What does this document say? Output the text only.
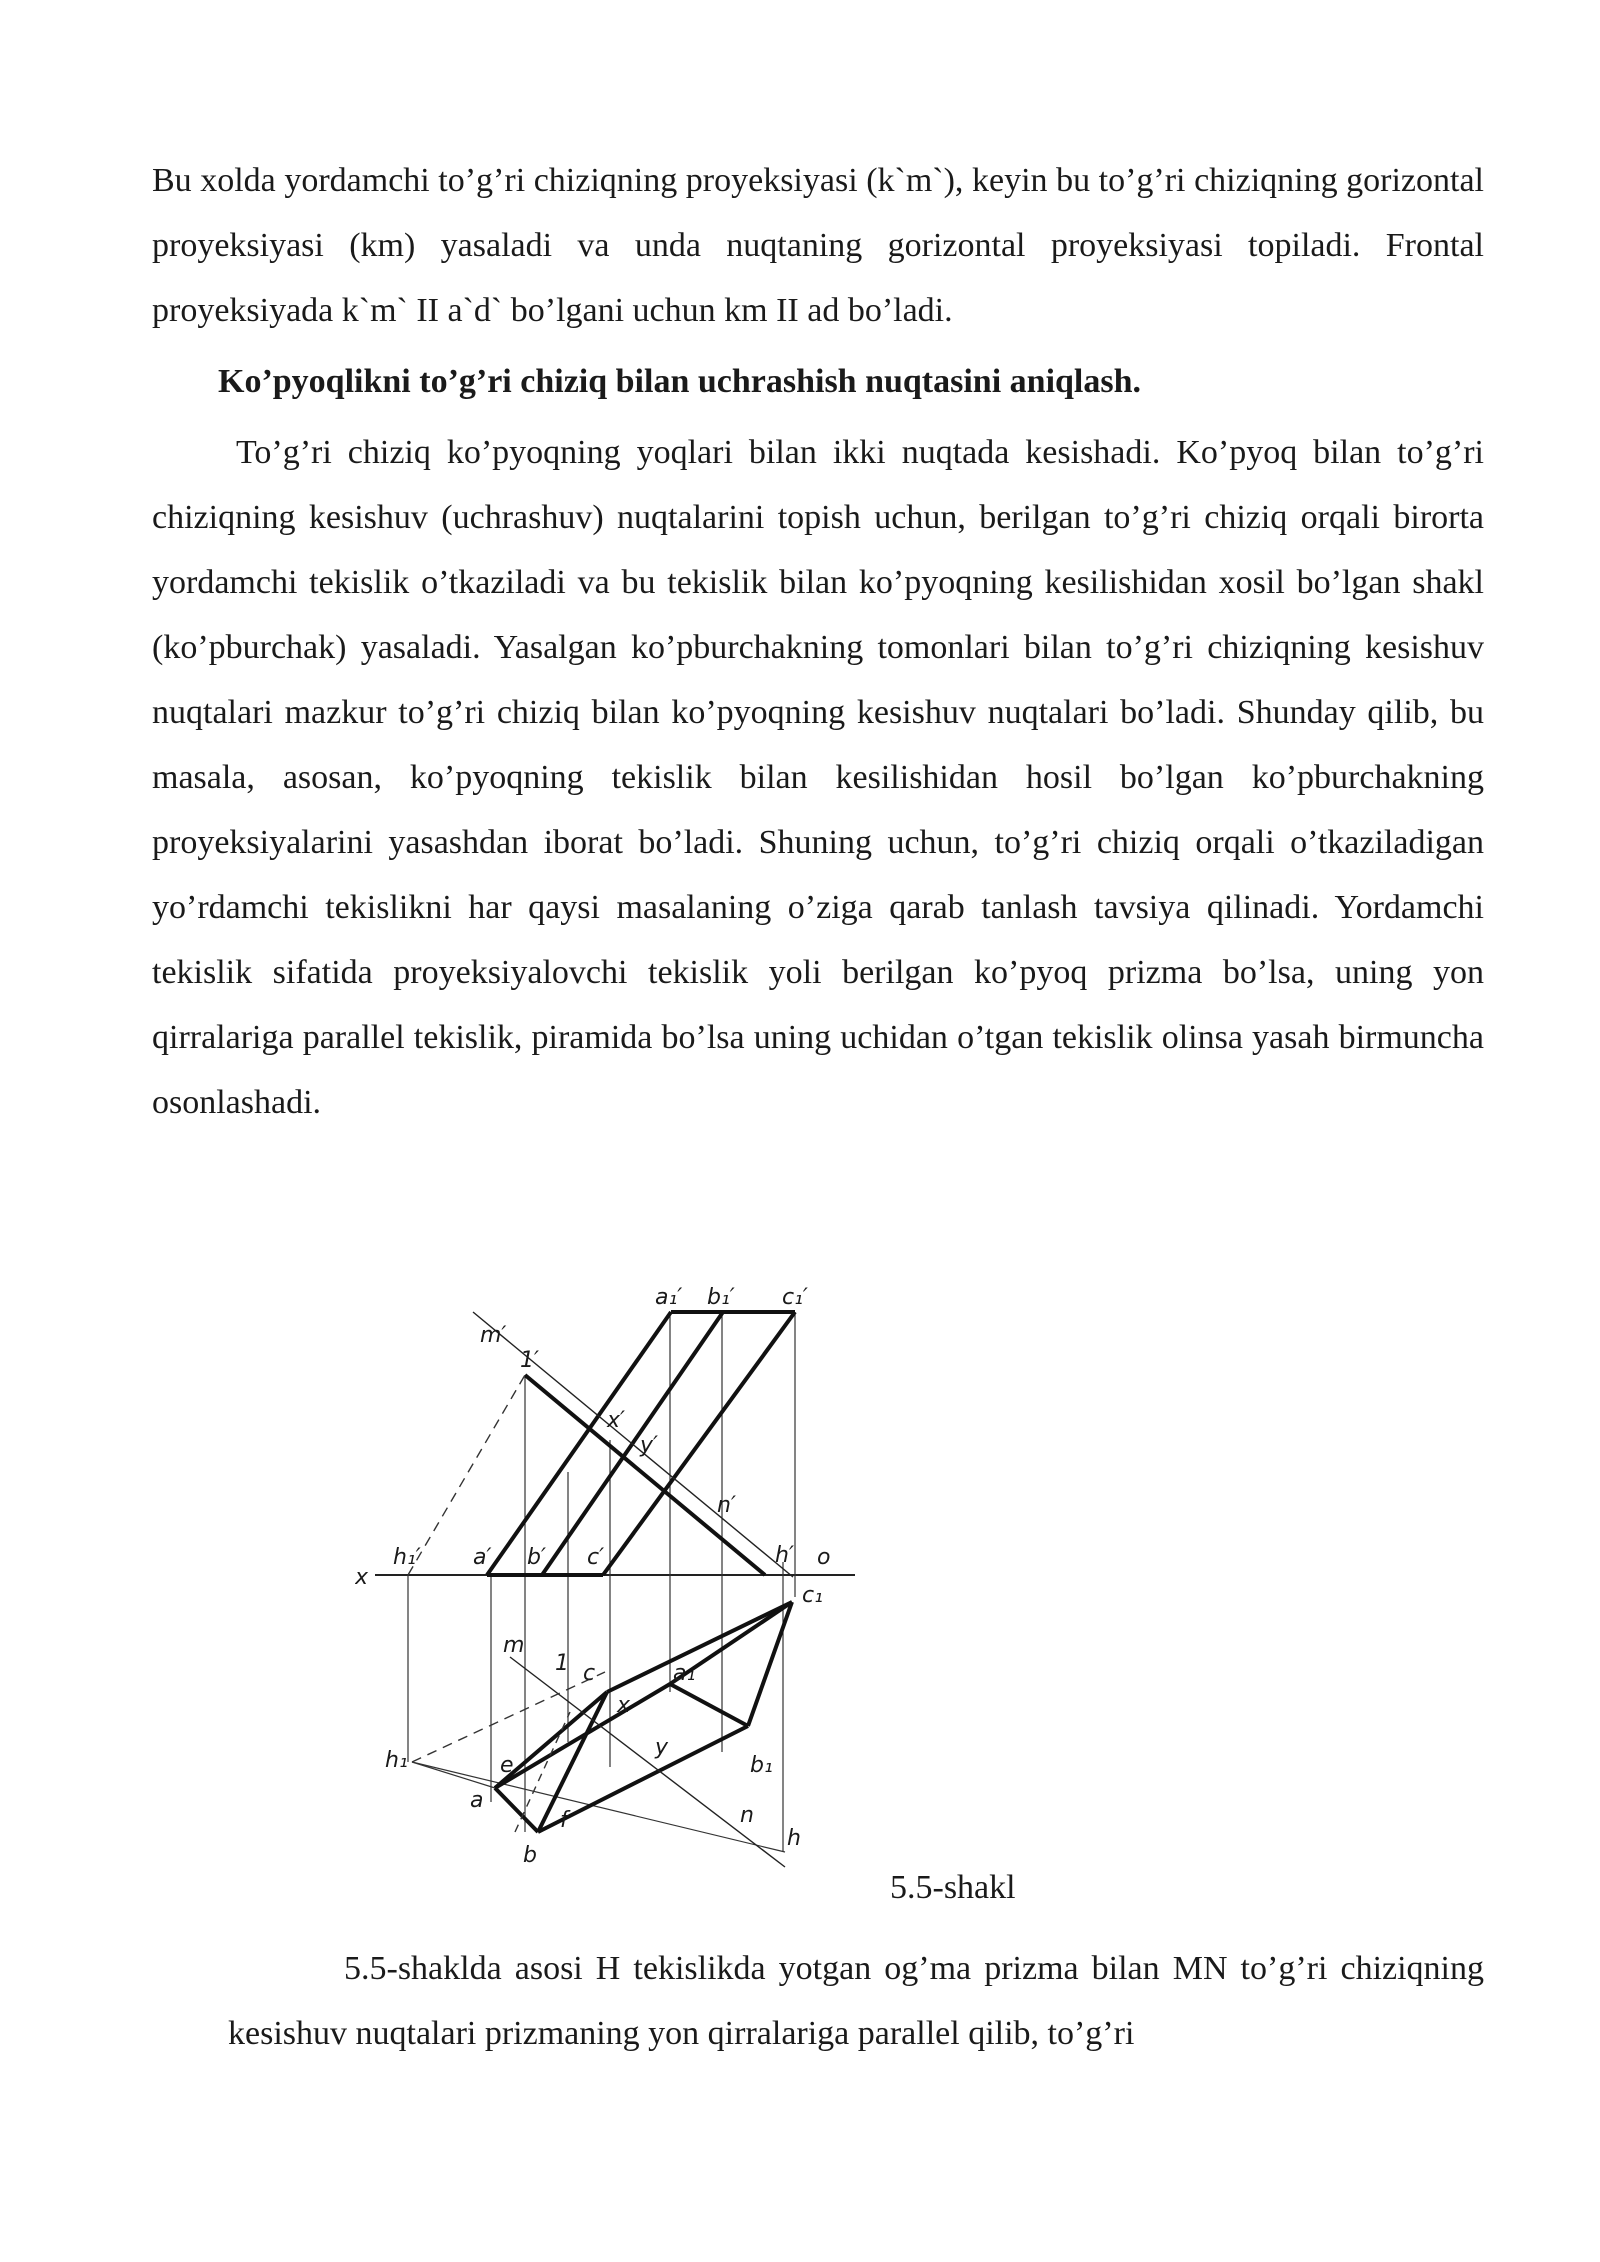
Bu xolda yordamchi to’g’ri chiziqning proyeksiyasi (k`m`), keyin bu to’g’ri chiziqning gorizontal proyeksiyasi (km) yasaladi va unda nuqtaning gorizontal proyeksiyasi topiladi. Frontal proyeksiyada k`m` II a`d` bo’lgani uchun km II ad bo’ladi.

Ko’pyoqlikni to’g’ri chiziq bilan uchrashish nuqtasini aniqlash.

To’g’ri chiziq ko’pyoqning yoqlari bilan ikki nuqtada kesishadi. Ko’pyoq bilan to’g’ri chiziqning kesishuv (uchrashuv) nuqtalarini topish uchun, berilgan to’g’ri chiziq orqali birorta yordamchi tekislik o’tkaziladi va bu tekislik bilan ko’pyoqning kesilishidan xosil bo’lgan shakl (ko’pburchak) yasaladi. Yasalgan ko’pburchakning tomonlari bilan to’g’ri chiziqning kesishuv nuqtalari mazkur to’g’ri chiziq bilan ko’pyoqning kesishuv nuqtalari bo’ladi. Shunday qilib, bu masala, asosan, ko’pyoqning tekislik bilan kesilishidan hosil bo’lgan ko’pburchakning proyeksiyalarini yasashdan iborat bo’ladi. Shuning uchun, to’g’ri chiziq orqali o’tkaziladigan yo’rdamchi tekislikni har qaysi masalaning o’ziga qarab tanlash tavsiya qilinadi. Yordamchi tekislik sifatida proyeksiyalovchi tekislik yoli berilgan ko’pyoq prizma bo’lsa, uning yon qirralariga parallel tekislik, piramida bo’lsa uning uchidan o’tgan tekislik olinsa yasah birmuncha osonlashadi.

a₁′ b₁′ c₁′
m′
1′
x′
y′
n′
h′
x
h₁′ a′ b′ c′	o
c₁
m
1 c
x
a₁
h₁	e
y
b₁
a
f	n
h
b
5.5-shakl

5.5-shaklda asosi H tekislikda yotgan og’ma prizma bilan MN to’g’ri chiziqning kesishuv nuqtalari prizmaning yon qirralariga parallel qilib, to’g’ri
